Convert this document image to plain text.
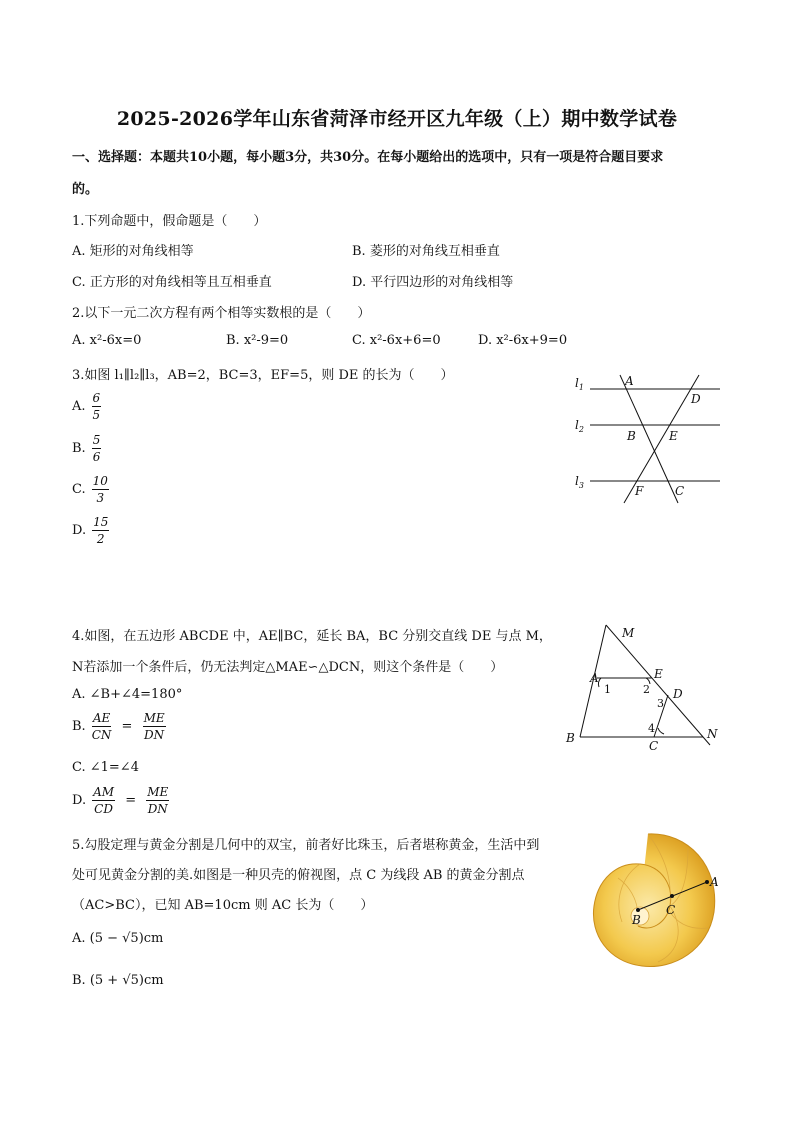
2025-2026学年山东省菏泽市经开区九年级（上）期中数学试卷
一、选择题：本题共10小题，每小题3分，共30分。在每小题给出的选项中，只有一项是符合题目要求
的。
1.下列命题中，假命题是（　　）
A. 矩形的对角线相等	B. 菱形的对角线互相垂直
C. 正方形的对角线相等且互相垂直	D. 平行四边形的对角线相等
2.以下一元二次方程有两个相等实数根的是（　　）
A. x²-6x=0	B. x²-9=0	C. x²-6x+6=0	D. x²-6x+9=0
3.如图 l₁∥l₂∥l₃，AB=2，BC=3，EF=5，则 DE 的长为（　　）
A. $\frac{6}{5}$
B. $\frac{5}{6}$
C. $\frac{10}{3}$
D. $\frac{15}{2}$
$l_1$
$l_2$
$l_3$
A
D
B	E
F	C
4.如图，在五边形 ABCDE 中，AE∥BC，延长 BA，BC 分别交直线 DE 与点 M，
N若添加一个条件后，仍无法判定△MAE∽△DCN，则这个条件是（　　）
A. ∠B+∠4=180°
B. $\frac{AE}{CN} = \frac{ME}{DN}$
C. ∠1=∠4
D. $\frac{AM}{CD} = \frac{ME}{DN}$
M
A	E
D
B
C
N
1	2
3
4
5.勾股定理与黄金分割是几何中的双宝，前者好比珠玉，后者堪称黄金，生活中到
处可见黄金分割的美.如图是一种贝壳的俯视图，点 C 为线段 AB 的黄金分割点
（AC>BC），已知 AB=10cm 则 AC 长为（　　）
A. (5 − √5)cm
B. (5 + √5)cm
A
B
C
